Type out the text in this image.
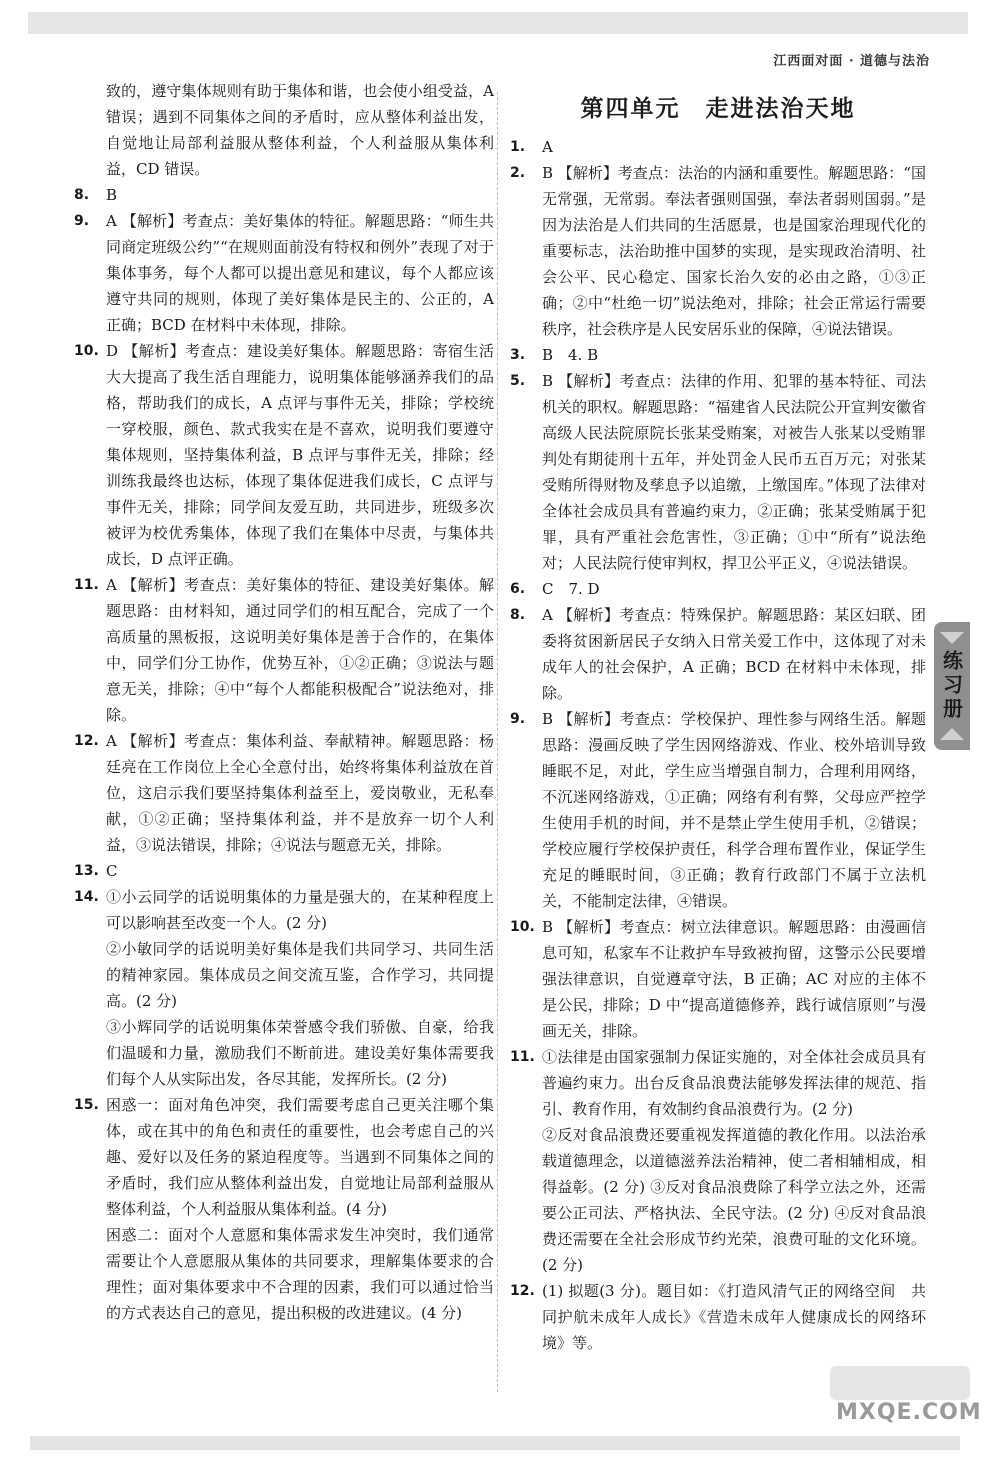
江西面对面 · 道德与法治
致的，遵守集体规则有助于集体和谐，也会使小组受益，A 错误；遇到不同集体之间的矛盾时，应从整体利益出发，自觉地让局部利益服从整体利益，个人利益服从集体利益，CD 错误。
8.	B
9.	A 【解析】考查点：美好集体的特征。解题思路：“师生共同商定班级公约”“在规则面前没有特权和例外”表现了对于集体事务，每个人都可以提出意见和建议，每个人都应该遵守共同的规则，体现了美好集体是民主的、公正的，A 正确；BCD 在材料中未体现，排除。
10. D 【解析】考查点：建设美好集体。解题思路：寄宿生活大大提高了我生活自理能力，说明集体能够涵养我们的品格，帮助我们的成长，A 点评与事件无关，排除；学校统一穿校服，颜色、款式我实在是不喜欢，说明我们要遵守集体规则，坚持集体利益，B 点评与事件无关，排除；经训练我最终也达标，体现了集体促进我们成长，C 点评与事件无关，排除；同学间友爱互助，共同进步，班级多次被评为校优秀集体，体现了我们在集体中尽责，与集体共成长，D 点评正确。
11. A 【解析】考查点：美好集体的特征、建设美好集体。解题思路：由材料知，通过同学们的相互配合，完成了一个高质量的黑板报，这说明美好集体是善于合作的，在集体中，同学们分工协作，优势互补，①②正确；③说法与题意无关，排除；④中“每个人都能积极配合”说法绝对，排除。
12. A 【解析】考查点：集体利益、奉献精神。解题思路：杨廷亮在工作岗位上全心全意付出，始终将集体利益放在首位，这启示我们要坚持集体利益至上，爱岗敬业，无私奉献，①②正确；坚持集体利益，并不是放弃一切个人利益，③说法错误，排除；④说法与题意无关，排除。
13. C
14. ①小云同学的话说明集体的力量是强大的，在某种程度上可以影响甚至改变一个人。(2 分)
②小敏同学的话说明美好集体是我们共同学习、共同生活的精神家园。集体成员之间交流互鉴，合作学习，共同提高。(2 分)
③小辉同学的话说明集体荣誉感令我们骄傲、自豪，给我们温暖和力量，激励我们不断前进。建设美好集体需要我们每个人从实际出发，各尽其能，发挥所长。(2 分)
15. 困惑一：面对角色冲突，我们需要考虑自己更关注哪个集体，或在其中的角色和责任的重要性，也会考虑自己的兴趣、爱好以及任务的紧迫程度等。当遇到不同集体之间的矛盾时，我们应从整体利益出发，自觉地让局部利益服从整体利益，个人利益服从集体利益。(4 分)
困惑二：面对个人意愿和集体需求发生冲突时，我们通常需要让个人意愿服从集体的共同要求，理解集体要求的合理性；面对集体要求中不合理的因素，我们可以通过恰当的方式表达自己的意见，提出积极的改进建议。(4 分)
第四单元　走进法治天地
1.	A
2.	B 【解析】考查点：法治的内涵和重要性。解题思路：“国无常强，无常弱。奉法者强则国强，奉法者弱则国弱。”是因为法治是人们共同的生活愿景，也是国家治理现代化的重要标志，法治助推中国梦的实现，是实现政治清明、社会公平、民心稳定、国家长治久安的必由之路，①③正确；②中“杜绝一切”说法绝对，排除；社会正常运行需要秩序，社会秩序是人民安居乐业的保障，④说法错误。
3.	B　4. B
5.	B 【解析】考查点：法律的作用、犯罪的基本特征、司法机关的职权。解题思路：“福建省人民法院公开宣判安徽省高级人民法院原院长张某受贿案，对被告人张某以受贿罪判处有期徒刑十五年，并处罚金人民币五百万元；对张某受贿所得财物及孳息予以追缴，上缴国库。”体现了法律对全体社会成员具有普遍约束力，②正确；张某受贿属于犯罪，具有严重社会危害性，③正确；①中“所有”说法绝对；人民法院行使审判权，捍卫公平正义，④说法错误。
6.	C　7. D
8.	A 【解析】考查点：特殊保护。解题思路：某区妇联、团委将贫困新居民子女纳入日常关爱工作中，这体现了对未成年人的社会保护，A 正确；BCD 在材料中未体现，排除。
9.	B 【解析】考查点：学校保护、理性参与网络生活。解题思路：漫画反映了学生因网络游戏、作业、校外培训导致睡眠不足，对此，学生应当增强自制力，合理利用网络，不沉迷网络游戏，①正确；网络有利有弊，父母应严控学生使用手机的时间，并不是禁止学生使用手机，②错误；学校应履行学校保护责任，科学合理布置作业，保证学生充足的睡眠时间，③正确；教育行政部门不属于立法机关，不能制定法律，④错误。
10. B 【解析】考查点：树立法律意识。解题思路：由漫画信息可知，私家车不让救护车导致被拘留，这警示公民要增强法律意识，自觉遵章守法，B 正确；AC 对应的主体不是公民，排除；D 中“提高道德修养，践行诚信原则”与漫画无关，排除。
11. ①法律是由国家强制力保证实施的，对全体社会成员具有普遍约束力。出台反食品浪费法能够发挥法律的规范、指引、教育作用，有效制约食品浪费行为。(2 分)
②反对食品浪费还要重视发挥道德的教化作用。以法治承载道德理念，以道德滋养法治精神，使二者相辅相成，相得益彰。(2 分) ③反对食品浪费除了科学立法之外，还需要公正司法、严格执法、全民守法。(2 分) ④反对食品浪费还需要在全社会形成节约光荣，浪费可耻的文化环境。(2 分)
12. (1) 拟题(3 分)。题目如：《打造风清气正的网络空间　共同护航未成年人成长》《营造未成年人健康成长的网络环境》等。
练习册
MXQE.COM
